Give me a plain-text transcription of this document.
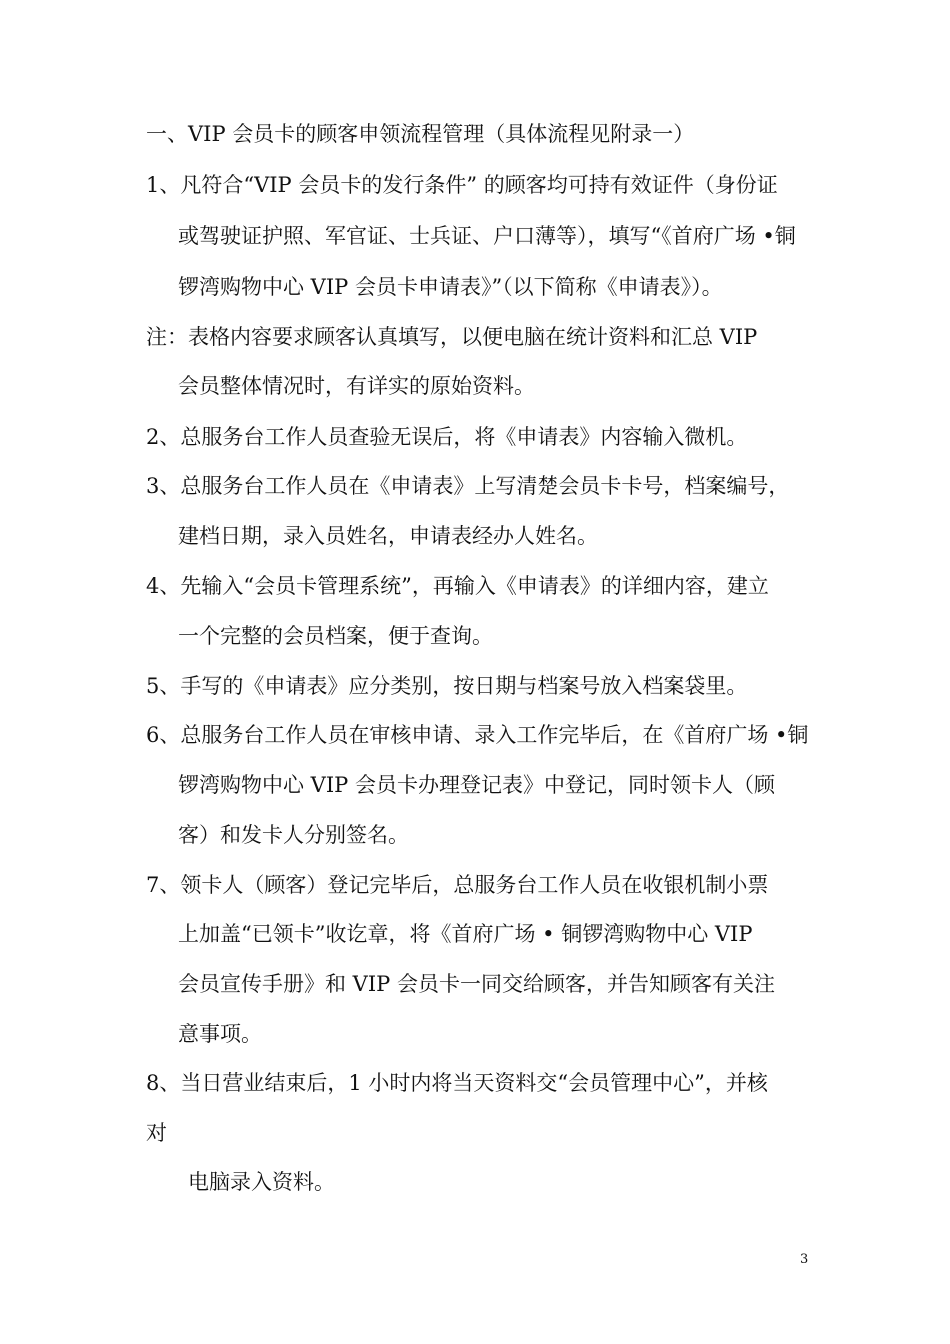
一、VIP 会员卡的顾客申领流程管理（具体流程见附录一）
1、凡符合“VIP 会员卡的发行条件” 的顾客均可持有效证件（身份证
或驾驶证护照、军官证、士兵证、户口薄等），填写“《首府广场 •铜
锣湾购物中心 VIP 会员卡申请表》”（以下简称《申请表》）。
注：表格内容要求顾客认真填写，以便电脑在统计资料和汇总 VIP
会员整体情况时，有详实的原始资料。
2、总服务台工作人员查验无误后，将《申请表》内容输入微机。
3、总服务台工作人员在《申请表》上写清楚会员卡卡号，档案编号，
建档日期，录入员姓名，申请表经办人姓名。
4、先输入“会员卡管理系统”，再输入《申请表》的详细内容，建立
一个完整的会员档案，便于查询。
5、手写的《申请表》应分类别，按日期与档案号放入档案袋里。
6、总服务台工作人员在审核申请、录入工作完毕后，在《首府广场 •铜
锣湾购物中心 VIP 会员卡办理登记表》中登记，同时领卡人（顾
客）和发卡人分别签名。
7、领卡人（顾客）登记完毕后，总服务台工作人员在收银机制小票
上加盖“已领卡”收讫章，将《首府广场 • 铜锣湾购物中心 VIP
会员宣传手册》和 VIP 会员卡一同交给顾客，并告知顾客有关注
意事项。
8、当日营业结束后，1 小时内将当天资料交“会员管理中心”，并核
对
电脑录入资料。
3
